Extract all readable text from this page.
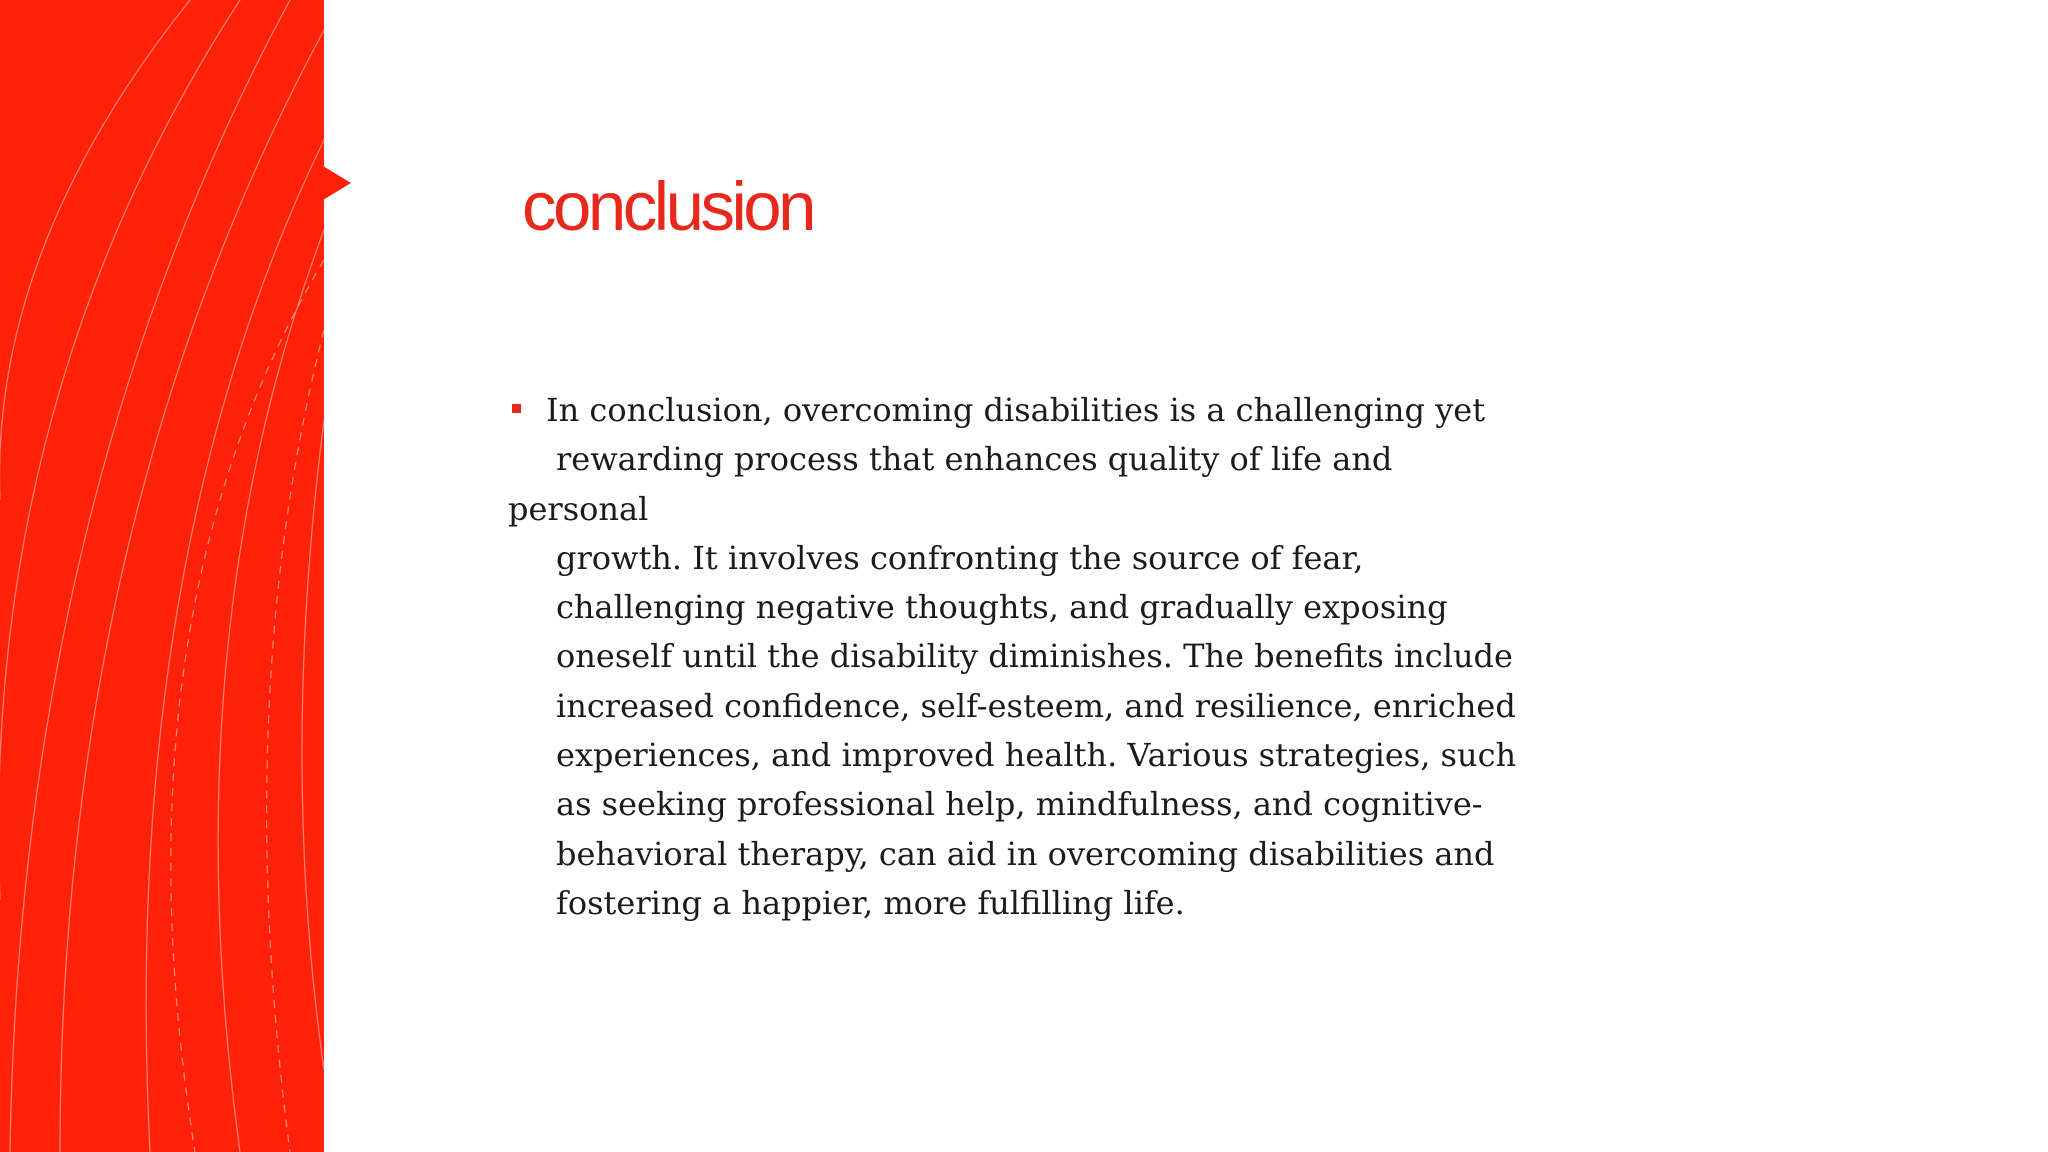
conclusion
In conclusion, overcoming disabilities is a challenging yet
rewarding process that enhances quality of life and
personal
growth. It involves confronting the source of fear,
challenging negative thoughts, and gradually exposing
oneself until the disability diminishes. The benefits include
increased confidence, self-esteem, and resilience, enriched
experiences, and improved health. Various strategies, such
as seeking professional help, mindfulness, and cognitive-
behavioral therapy, can aid in overcoming disabilities and
fostering a happier, more fulfilling life.
